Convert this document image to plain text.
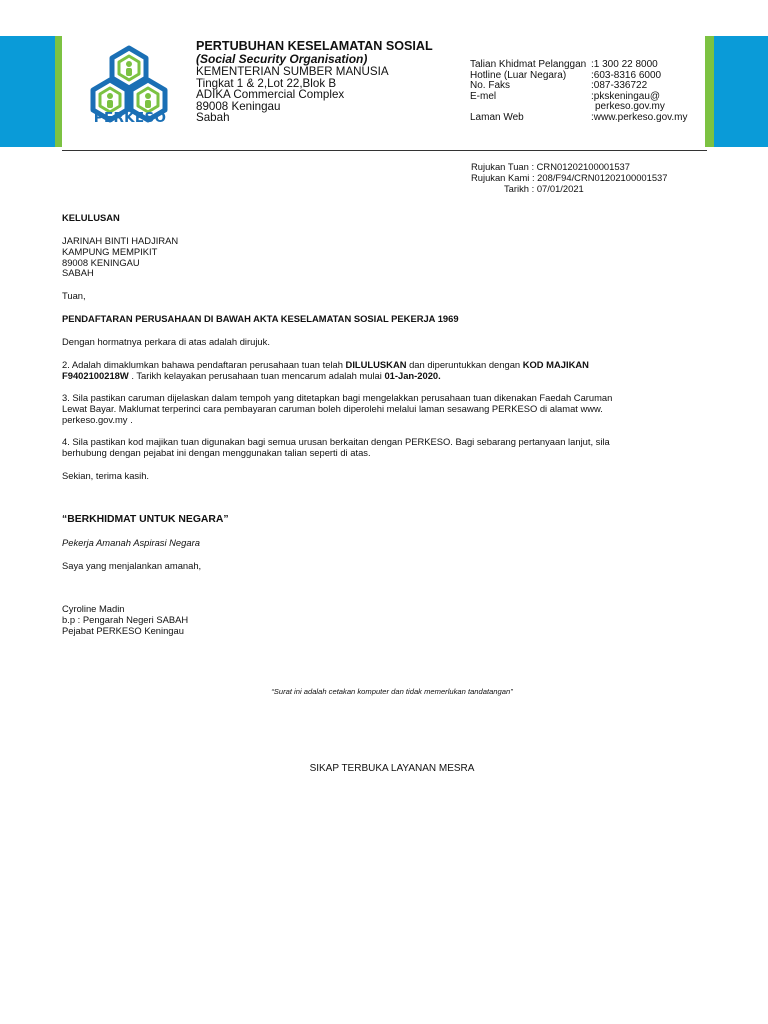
PERKESO
PERTUBUHAN KESELAMATAN SOSIAL
(Social Security Organisation)
KEMENTERIAN SUMBER MANUSIA
Tingkat 1 & 2,Lot 22,Blok B
ADIKA Commercial Complex
89008 Keningau
Sabah
Talian Khidmat Pelanggan :1 300 22 8000
Hotline (Luar Negara) :603-8316 6000
No. Faks	:087-336722
E-mel	:pkskeningau@
perkeso.gov.my
Laman Web	:www.perkeso.gov.my
Rujukan Tuan : CRN01202100001537
Rujukan Kami : 208/F94/CRN01202100001537
Tarikh : 07/01/2021
KELULUSAN
JARINAH BINTI HADJIRAN
KAMPUNG MEMPIKIT
89008 KENINGAU
SABAH
Tuan,
PENDAFTARAN PERUSAHAAN DI BAWAH AKTA KESELAMATAN SOSIAL PEKERJA 1969
Dengan hormatnya perkara di atas adalah dirujuk.
2. Adalah dimaklumkan bahawa pendaftaran perusahaan tuan telah DILULUSKAN dan diperuntukkan dengan KOD MAJIKAN
F9402100218W . Tarikh kelayakan perusahaan tuan mencarum adalah mulai 01-Jan-2020.
3. Sila pastikan caruman dijelaskan dalam tempoh yang ditetapkan bagi mengelakkan perusahaan tuan dikenakan Faedah Caruman
Lewat Bayar. Maklumat terperinci cara pembayaran caruman boleh diperolehi melalui laman sesawang PERKESO di alamat www.
perkeso.gov.my .
4. Sila pastikan kod majikan tuan digunakan bagi semua urusan berkaitan dengan PERKESO. Bagi sebarang pertanyaan lanjut, sila
berhubung dengan pejabat ini dengan menggunakan talian seperti di atas.
Sekian, terima kasih.
“BERKHIDMAT UNTUK NEGARA”
Pekerja Amanah Aspirasi Negara
Saya yang menjalankan amanah,
Cyroline Madin
b.p : Pengarah Negeri SABAH
Pejabat PERKESO Keningau
“Surat ini adalah cetakan komputer dan tidak memerlukan tandatangan”
SIKAP TERBUKA LAYANAN MESRA
